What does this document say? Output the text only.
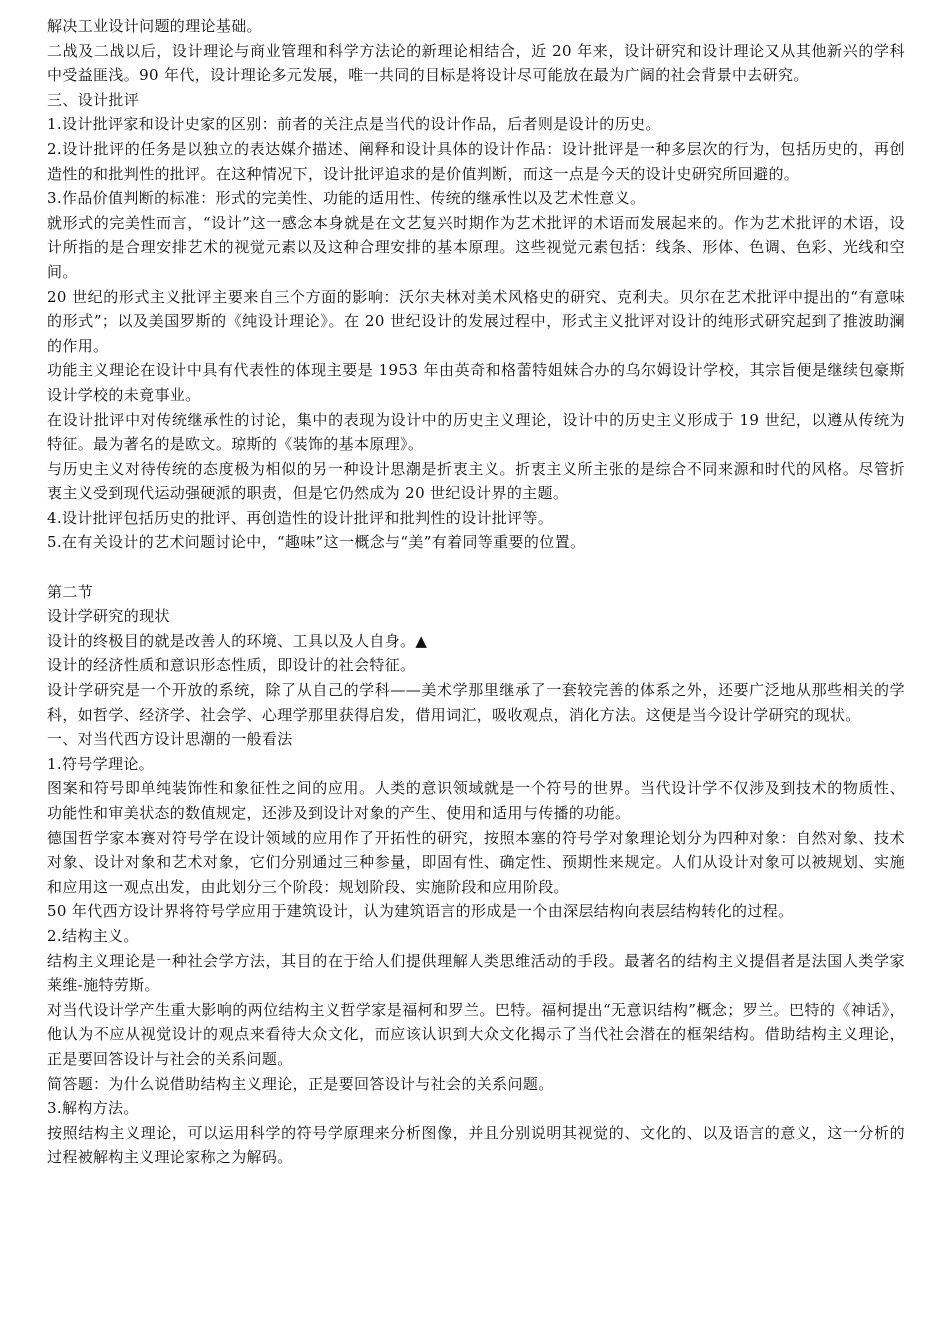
解决工业设计问题的理论基础。

二战及二战以后，设计理论与商业管理和科学方法论的新理论相结合，近 20 年来，设计研究和设计理论又从其他新兴的学科中受益匪浅。90 年代，设计理论多元发展，唯一共同的目标是将设计尽可能放在最为广阔的社会背景中去研究。

三、设计批评

1.设计批评家和设计史家的区别：前者的关注点是当代的设计作品，后者则是设计的历史。

2.设计批评的任务是以独立的表达媒介描述、阐释和设计具体的设计作品：设计批评是一种多层次的行为，包括历史的，再创造性的和批判性的批评。在这种情况下，设计批评追求的是价值判断，而这一点是今天的设计史研究所回避的。

3.作品价值判断的标准：形式的完美性、功能的适用性、传统的继承性以及艺术性意义。

就形式的完美性而言，“设计”这一感念本身就是在文艺复兴时期作为艺术批评的术语而发展起来的。作为艺术批评的术语，设计所指的是合理安排艺术的视觉元素以及这种合理安排的基本原理。这些视觉元素包括：线条、形体、色调、色彩、光线和空间。

20 世纪的形式主义批评主要来自三个方面的影响：沃尔夫林对美术风格史的研究、克利夫。贝尔在艺术批评中提出的“有意味的形式”；以及美国罗斯的《纯设计理论》。在 20 世纪设计的发展过程中，形式主义批评对设计的纯形式研究起到了推波助澜的作用。

功能主义理论在设计中具有代表性的体现主要是 1953 年由英奇和格蕾特姐妹合办的乌尔姆设计学校，其宗旨便是继续包豪斯设计学校的未竟事业。

在设计批评中对传统继承性的讨论，集中的表现为设计中的历史主义理论，设计中的历史主义形成于 19 世纪，以遵从传统为特征。最为著名的是欧文。琼斯的《装饰的基本原理》。

与历史主义对待传统的态度极为相似的另一种设计思潮是折衷主义。折衷主义所主张的是综合不同来源和时代的风格。尽管折衷主义受到现代运动强硬派的职责，但是它仍然成为 20 世纪设计界的主题。

4.设计批评包括历史的批评、再创造性的设计批评和批判性的设计批评等。

5.在有关设计的艺术问题讨论中，“趣味”这一概念与“美”有着同等重要的位置。

第二节

设计学研究的现状

设计的终极目的就是改善人的环境、工具以及人自身。▲

设计的经济性质和意识形态性质，即设计的社会特征。

设计学研究是一个开放的系统，除了从自己的学科——美术学那里继承了一套较完善的体系之外，还要广泛地从那些相关的学科，如哲学、经济学、社会学、心理学那里获得启发，借用词汇，吸收观点，消化方法。这便是当今设计学研究的现状。

一、对当代西方设计思潮的一般看法

1.符号学理论。

图案和符号即单纯装饰性和象征性之间的应用。人类的意识领域就是一个符号的世界。当代设计学不仅涉及到技术的物质性、功能性和审美状态的数值规定，还涉及到设计对象的产生、使用和适用与传播的功能。

德国哲学家本赛对符号学在设计领域的应用作了开拓性的研究，按照本塞的符号学对象理论划分为四种对象：自然对象、技术对象、设计对象和艺术对象，它们分别通过三种参量，即固有性、确定性、预期性来规定。人们从设计对象可以被规划、实施和应用这一观点出发，由此划分三个阶段：规划阶段、实施阶段和应用阶段。

50 年代西方设计界将符号学应用于建筑设计，认为建筑语言的形成是一个由深层结构向表层结构转化的过程。

2.结构主义。

结构主义理论是一种社会学方法，其目的在于给人们提供理解人类思维活动的手段。最著名的结构主义提倡者是法国人类学家莱维-施特劳斯。

对当代设计学产生重大影响的两位结构主义哲学家是福柯和罗兰。巴特。福柯提出“无意识结构”概念；罗兰。巴特的《神话》，他认为不应从视觉设计的观点来看待大众文化，而应该认识到大众文化揭示了当代社会潜在的框架结构。借助结构主义理论，正是要回答设计与社会的关系问题。

简答题：为什么说借助结构主义理论，正是要回答设计与社会的关系问题。

3.解构方法。

按照结构主义理论，可以运用科学的符号学原理来分析图像，并且分别说明其视觉的、文化的、以及语言的意义，这一分析的过程被解构主义理论家称之为解码。
